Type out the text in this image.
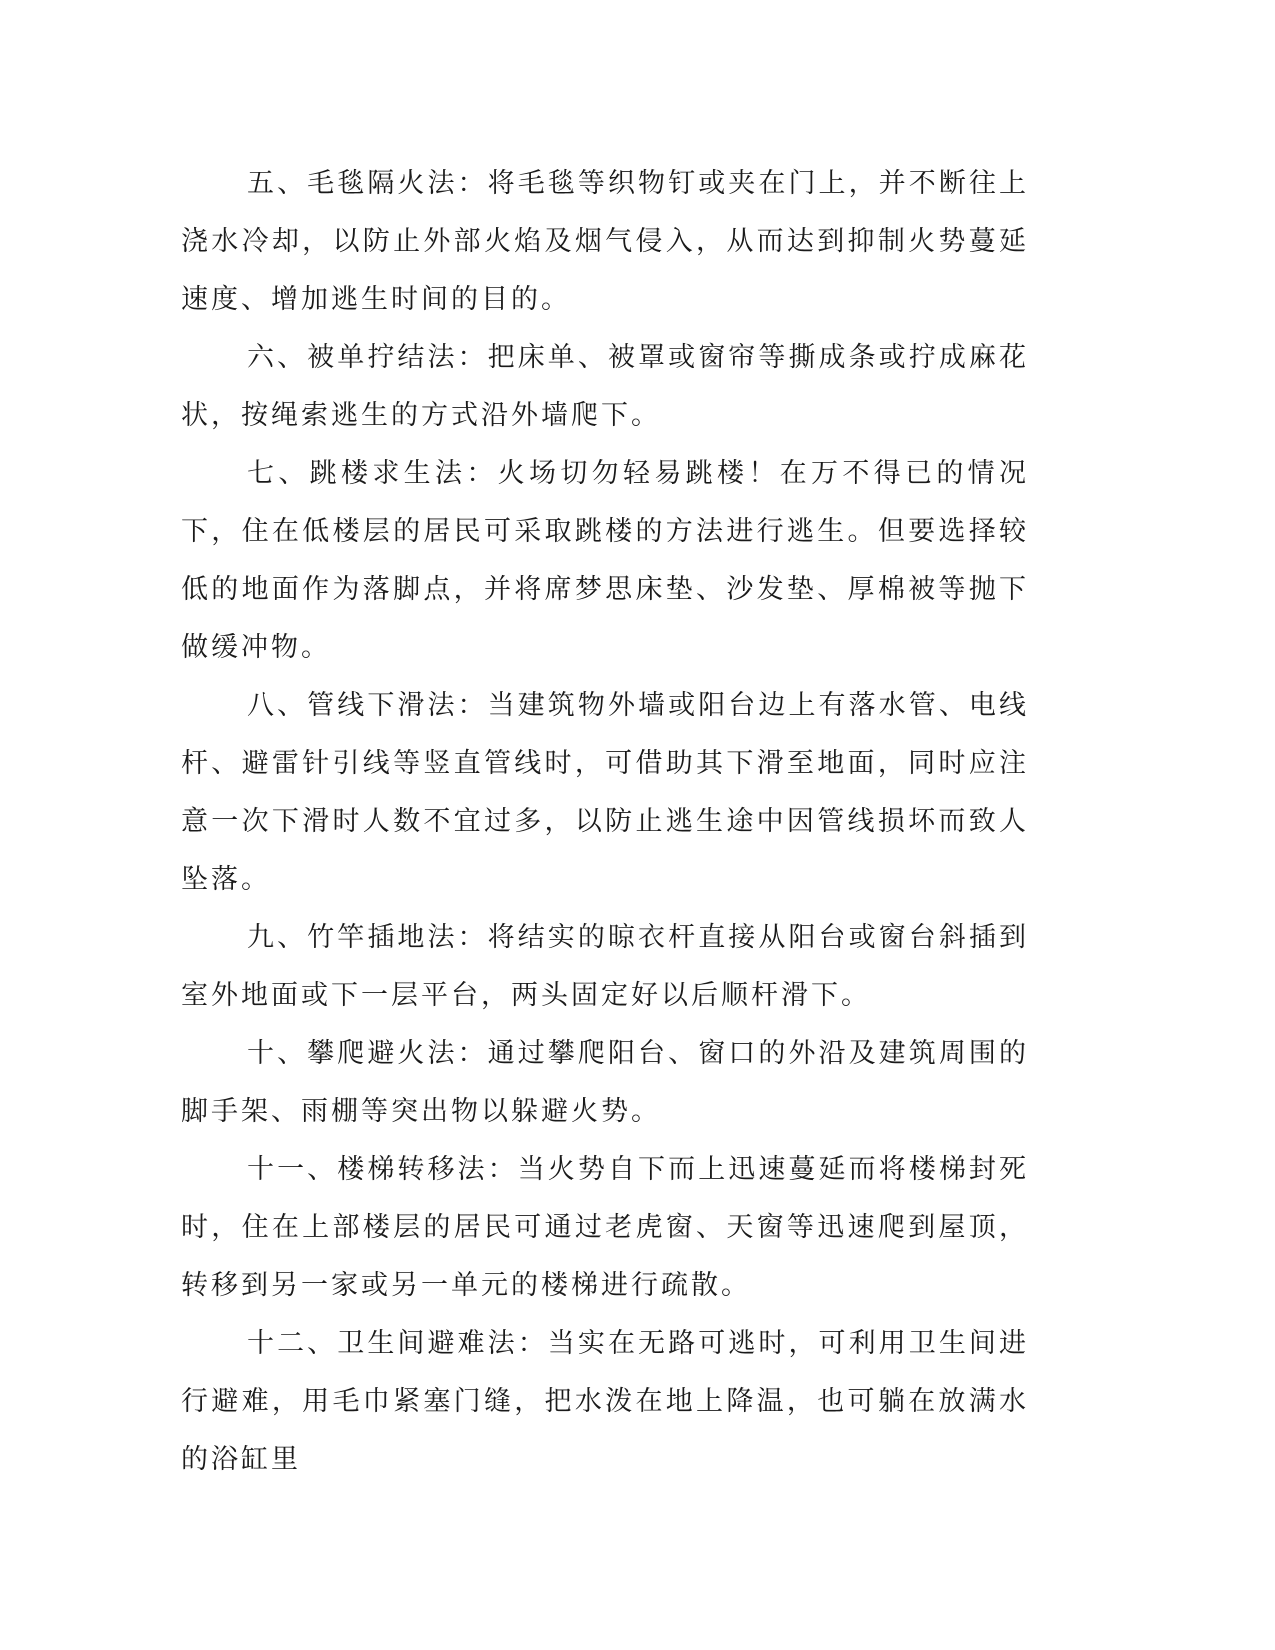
五、毛毯隔火法：将毛毯等织物钉或夹在门上，并不断往上浇水冷却，以防止外部火焰及烟气侵入，从而达到抑制火势蔓延速度、增加逃生时间的目的。

六、被单拧结法：把床单、被罩或窗帘等撕成条或拧成麻花状，按绳索逃生的方式沿外墙爬下。

七、跳楼求生法：火场切勿轻易跳楼！在万不得已的情况下，住在低楼层的居民可采取跳楼的方法进行逃生。但要选择较低的地面作为落脚点，并将席梦思床垫、沙发垫、厚棉被等抛下做缓冲物。

八、管线下滑法：当建筑物外墙或阳台边上有落水管、电线杆、避雷针引线等竖直管线时，可借助其下滑至地面，同时应注意一次下滑时人数不宜过多，以防止逃生途中因管线损坏而致人坠落。

九、竹竿插地法：将结实的晾衣杆直接从阳台或窗台斜插到室外地面或下一层平台，两头固定好以后顺杆滑下。

十、攀爬避火法：通过攀爬阳台、窗口的外沿及建筑周围的脚手架、雨棚等突出物以躲避火势。

十一、楼梯转移法：当火势自下而上迅速蔓延而将楼梯封死时，住在上部楼层的居民可通过老虎窗、天窗等迅速爬到屋顶，转移到另一家或另一单元的楼梯进行疏散。

十二、卫生间避难法：当实在无路可逃时，可利用卫生间进行避难，用毛巾紧塞门缝，把水泼在地上降温，也可躺在放满水的浴缸里
